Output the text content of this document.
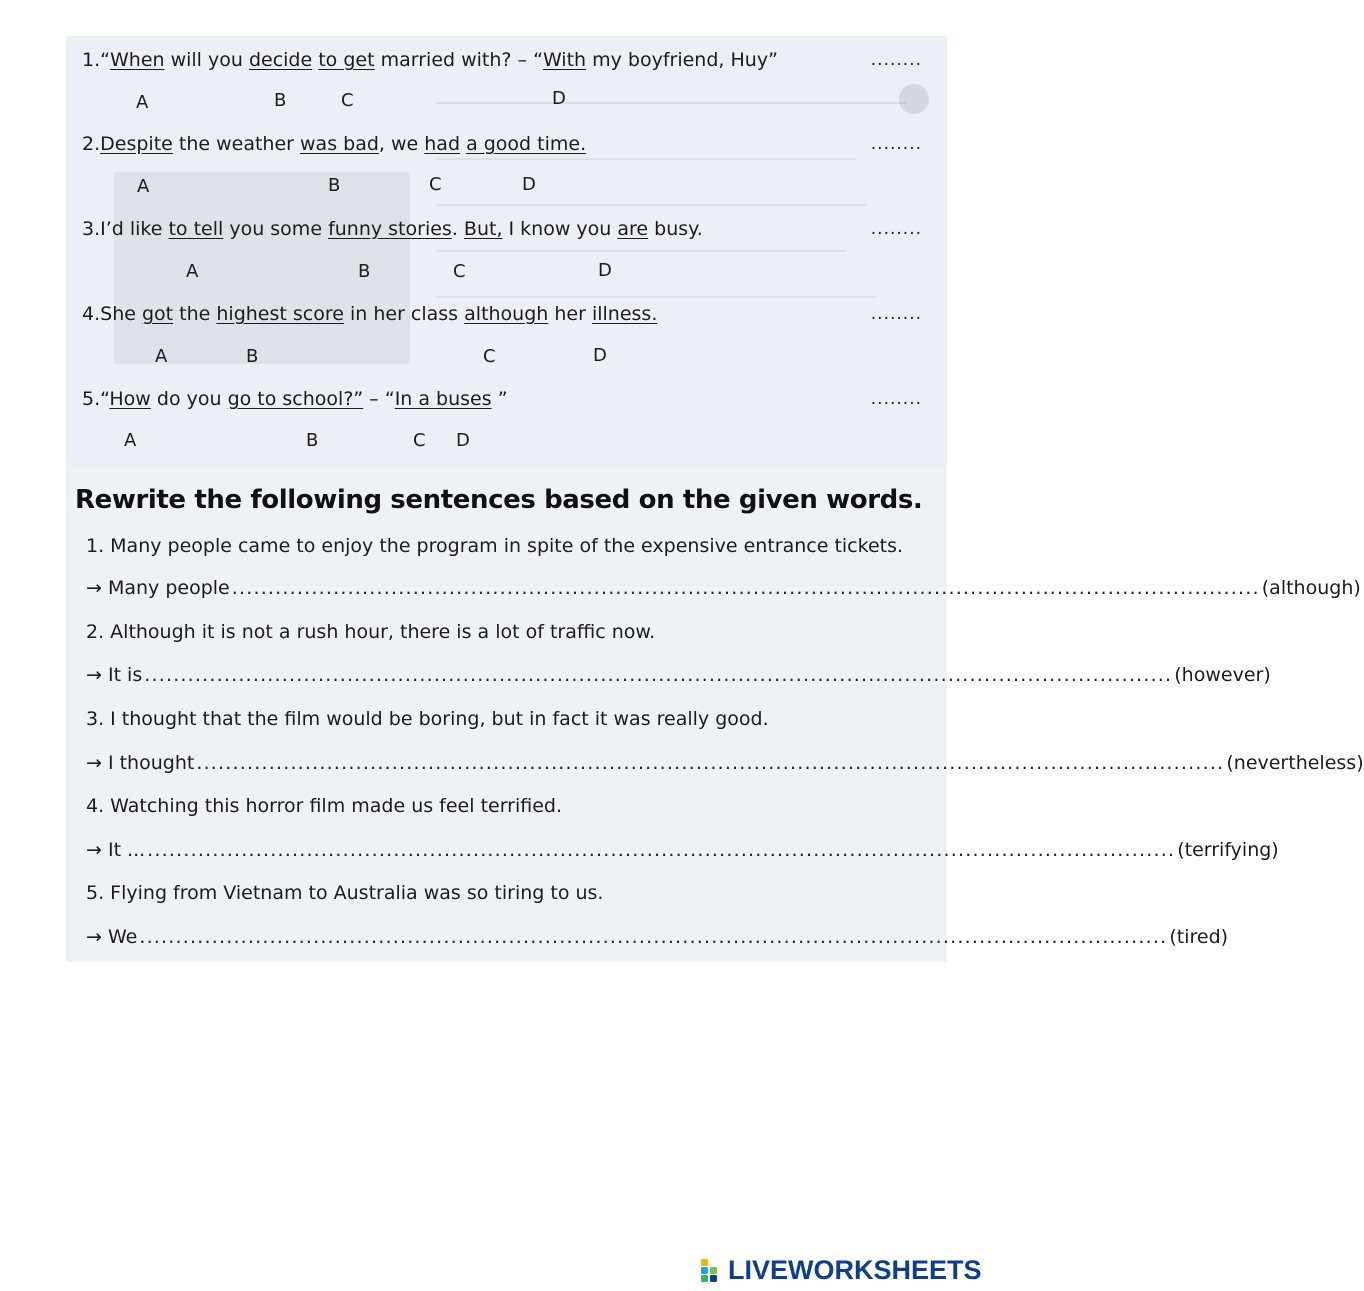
1.“When will you decide to get married with? – “With my boyfriend, Huy”	........
A	B	C	D
2.Despite the weather was bad, we had a good time.	........
A	B	C	D
3.I’d like to tell you some funny stories. But, I know you are busy.	........
A	B	C	D
4.She got the highest score in her class although her illness.	........
A	B	C	D
5.“How do you go to school?” – “In a buses ”	........
A	B	C D
Rewrite the following sentences based on the given words.
1. Many people came to enjoy the program in spite of the expensive entrance tickets.
→ Many people .............................................................................................................................................. (although)
2. Although it is not a rush hour, there is a lot of traffic now.
→ It is .............................................................................................................................................. (however)
3. I thought that the film would be boring, but in fact it was really good.
→ I thought .............................................................................................................................................. (nevertheless)
4. Watching this horror film made us feel terrified.
→ It ... .............................................................................................................................................. (terrifying)
5. Flying from Vietnam to Australia was so tiring to us.
→ We .............................................................................................................................................. (tired)
LIVEWORKSHEETS
